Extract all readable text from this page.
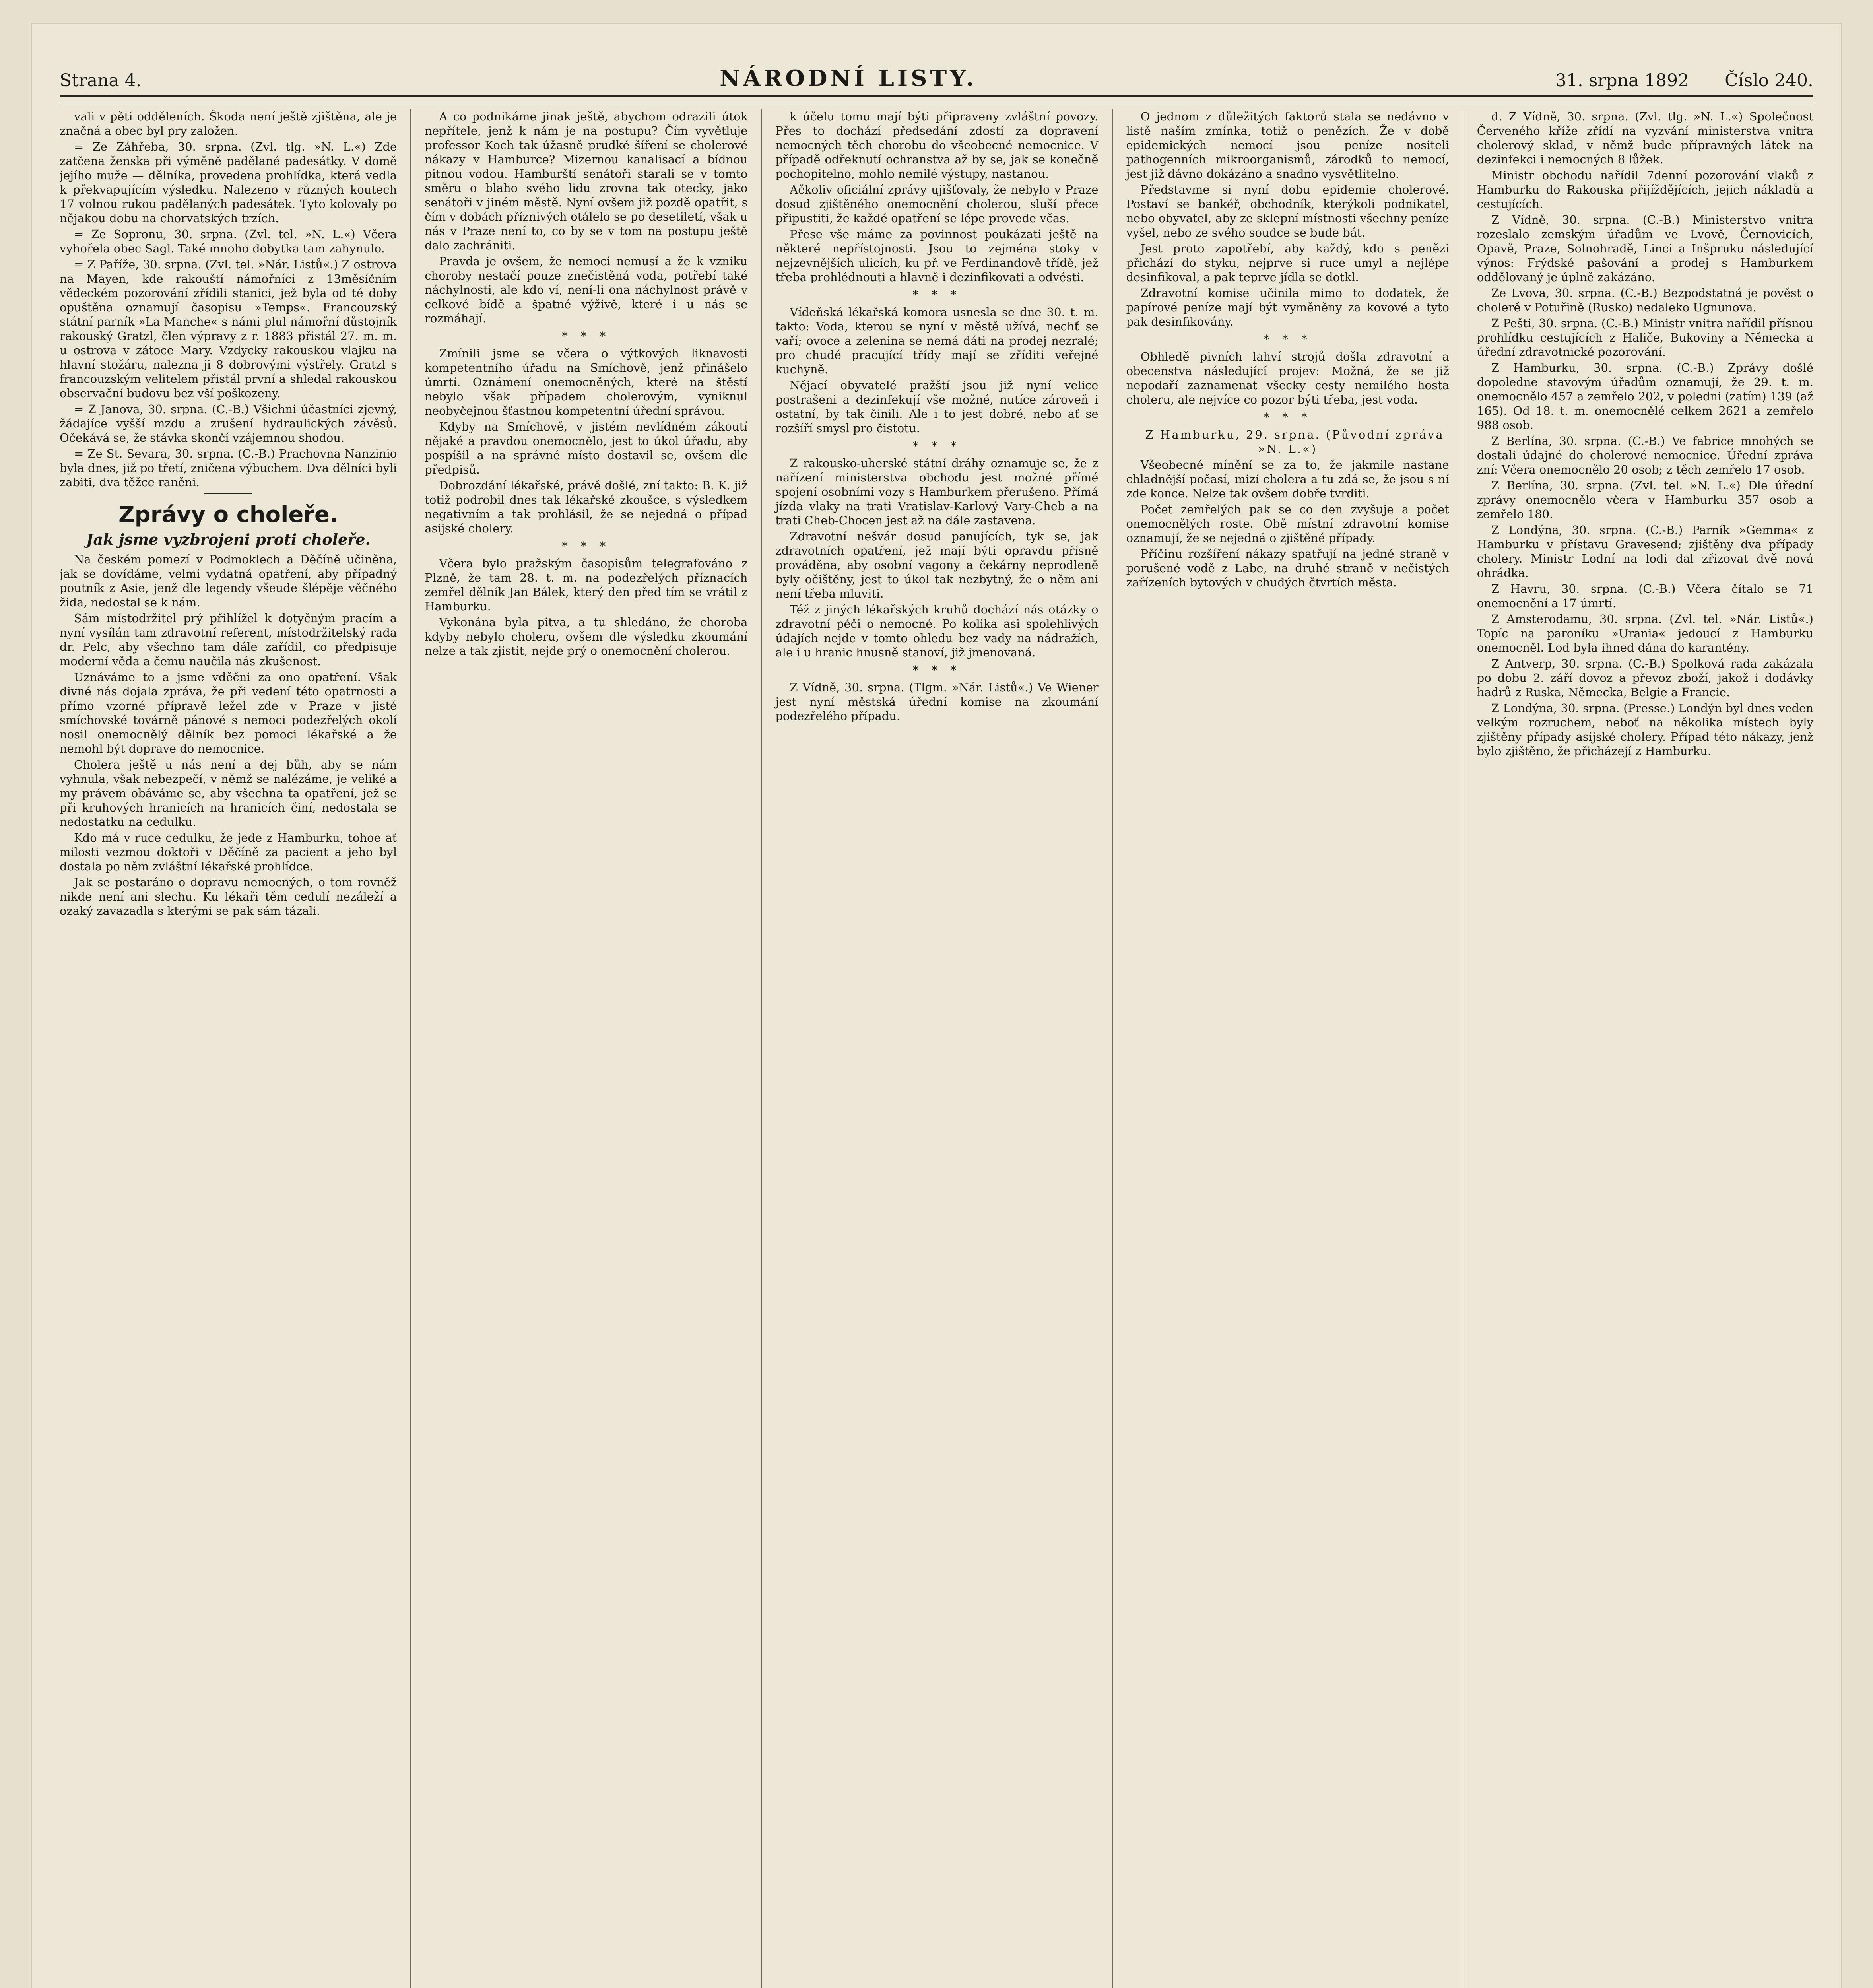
Strana 4.	NÁRODNÍ LISTY.	31. srpna 1892 Číslo 240.

vali v pěti odděleních. Škoda není ještě zjištěna, ale je značná a obec byl pry založen.

= Ze Záhřeba, 30. srpna. (Zvl. tlg. »N. L.«) Zde zatčena ženska při výměně padělané padesátky. V domě jejího muže — dělníka, provedena prohlídka, která vedla k překvapujícím výsledku. Nalezeno v různých koutech 17 volnou rukou padělaných padesátek. Tyto kolovaly po nějakou dobu na chorvatských trzích.

= Ze Sopronu, 30. srpna. (Zvl. tel. »N. L.«) Včera vyhořela obec Sagl. Také mnoho dobytka tam zahynulo.

= Z Paříže, 30. srpna. (Zvl. tel. »Nár. Listů«.) Z ostrova na Mayen, kde rakouští námořníci z 13měsíčním vědeckém pozorování zřídili stanici, jež byla od té doby opuštěna oznamují časopisu »Temps«. Francouzský státní parník »La Manche« s námi plul námořní důstojník rakouský Gratzl, člen výpravy z r. 1883 přistál 27. m. m. u ostrova v zátoce Mary. Vzdycky rakouskou vlajku na hlavní stožáru, nalezna ji 8 dobrovými výstřely. Gratzl s francouzským velitelem přistál první a shledal rakouskou observační budovu bez vší poškozeny.

= Z Janova, 30. srpna. (C.-B.) Všichni účastníci zjevný, žádajíce vyšší mzdu a zrušení hydraulických závěsů. Očekává se, že stávka skončí vzájemnou shodou.

= Ze St. Sevara, 30. srpna. (C.-B.) Prachovna Nanzinio byla dnes, již po třetí, zničena výbuchem. Dva dělníci byli zabiti, dva těžce raněni.

Zprávy o choleře.
Jak jsme vyzbrojeni proti choleře.

Na českém pomezí v Podmoklech a Děčíně učiněna, jak se dovídáme, velmi vydatná opatření, aby případný poutník z Asie, jenž dle legendy všeude šlépěje věčného žida, nedostal se k nám.

Sám místodržitel prý přihlížel k dotyčným pracím a nyní vysílán tam zdravotní referent, místodržitelský rada dr. Pelc, aby všechno tam dále zařídil, co předpisuje moderní věda a čemu naučila nás zkušenost.

Uznáváme to a jsme vděčni za ono opatření. Však divné nás dojala zpráva, že při vedení této opatrnosti a přímo vzorné přípravě ležel zde v Praze v jisté smíchovské továrně pánové s nemoci podezřelých okolí nosil onemocnělý dělník bez pomoci lékařské a že nemohl být doprave do nemocnice.

Cholera ještě u nás není a dej bůh, aby se nám vyhnula, však nebezpečí, v němž se nalézáme, je veliké a my právem obáváme se, aby všechna ta opatření, jež se při kruhových hranicích na hranicích činí, nedostala se nedostatku na cedulku.

Kdo má v ruce cedulku, že jede z Hamburku, tohoe ať milosti vezmou doktoři v Děčíně za pacient a jeho byl dostala po něm zvláštní lékařské prohlídce.

Jak se postaráno o dopravu nemocných, o tom rovněž nikde není ani slechu. Ku lékaři těm cedulí nezáleží a ozaký zavazadla s kterými se pak sám tázali.

A co podnikáme jinak ještě, abychom odrazili útok nepřítele, jenž k nám je na postupu? Čím vyvětluje professor Koch tak úžasně prudké šíření se cholerové nákazy v Hamburce? Mizernou kanalisací a bídnou pitnou vodou. Hamburští senátoři starali se v tomto směru o blaho svého lidu zrovna tak otecky, jako senátoři v jiném městě. Nyní ovšem již pozdě opatřit, s čím v dobách příznivých otálelo se po desetiletí, však u nás v Praze není to, co by se v tom na postupu ještě dalo zachrániti.

Pravda je ovšem, že nemoci nemusí a že k vzniku choroby nestačí pouze znečistěná voda, potřebí také náchylnosti, ale kdo ví, není-li ona náchylnost právě v celkové bídě a špatné výživě, které i u nás se rozmáhají.

* * *

Zmínili jsme se včera o výtkových liknavosti kompetentního úřadu na Smíchově, jenž přinášelo úmrtí. Oznámení onemocněných, které na štěstí nebylo však případem cholerovým, vyniknul neobyčejnou šťastnou kompetentní úřední správou.

Kdyby na Smíchově, v jistém nevlídném zákoutí nějaké a pravdou onemocnělo, jest to úkol úřadu, aby pospíšil a na správné místo dostavil se, ovšem dle předpisů.

Dobrozdání lékařské, právě došlé, zní takto: B. K. již totiž podrobil dnes tak lékařské zkoušce, s výsledkem negativním a tak prohlásil, že se nejedná o případ asijské cholery.

* * *

Včera bylo pražským časopisům telegrafováno z Plzně, že tam 28. t. m. na podezřelých příznacích zemřel dělník Jan Bálek, který den před tím se vrátil z Hamburku.

Vykonána byla pitva, a tu shledáno, že choroba kdyby nebylo choleru, ovšem dle výsledku zkoumání nelze a tak zjistit, nejde prý o onemocnění cholerou.

k účelu tomu mají býti připraveny zvláštní povozy. Přes to dochází předsedání zdostí za dopravení nemocných těch chorobu do všeobecné nemocnice. V případě odřeknutí ochranstva až by se, jak se konečně pochopitelno, mohlo nemilé výstupy, nastanou.

Ačkoliv oficiální zprávy ujišťovaly, že nebylo v Praze dosud zjištěného onemocnění cholerou, sluší přece připustiti, že každé opatření se lépe provede včas.

Přese vše máme za povinnost poukázati ještě na některé nepřístojnosti. Jsou to zejména stoky v nejzevnějších ulicích, ku př. ve Ferdinandově třídě, jež třeba prohlédnouti a hlavně i dezinfikovati a odvésti.

* * *

Vídeňská lékařská komora usnesla se dne 30. t. m. takto: Voda, kterou se nyní v městě užívá, nechť se vaří; ovoce a zelenina se nemá dáti na prodej nezralé; pro chudé pracující třídy mají se zříditi veřejné kuchyně.

Nějací obyvatelé pražští jsou již nyní velice postrašeni a dezinfekují vše možné, nutíce zároveň i ostatní, by tak činili. Ale i to jest dobré, nebo ať se rozšíří smysl pro čistotu.

* * *

Z rakousko-uherské státní dráhy oznamuje se, že z nařízení ministerstva obchodu jest možné přímé spojení osobními vozy s Hamburkem přerušeno. Přímá jízda vlaky na trati Vratislav-Karlový Vary-Cheb a na trati Cheb-Chocen jest až na dále zastavena.

Zdravotní nešvár dosud panujících, tyk se, jak zdravotních opatření, jež mají býti opravdu přísně prováděna, aby osobní vagony a čekárny neprodleně byly očištěny, jest to úkol tak nezbytný, že o něm ani není třeba mluviti.

Též z jiných lékařských kruhů dochází nás otázky o zdravotní péči o nemocné. Po kolika asi spolehlivých údajích nejde v tomto ohledu bez vady na nádražích, ale i u hranic hnusně stanoví, již jmenovaná.

* * *

Z Vídně, 30. srpna. (Tlgm. »Nár. Listů«.) Ve Wiener jest nyní městská úřední komise na zkoumání podezřelého případu.

O jednom z důležitých faktorů stala se nedávno v listě naším zmínka, totiž o penězích. Že v době epidemických nemocí jsou peníze nositeli pathogenních mikroorganismů, zárodků to nemocí, jest již dávno dokázáno a snadno vysvětlitelno.

Představme si nyní dobu epidemie cholerové. Postaví se bankéř, obchodník, kterýkoli podnikatel, nebo obyvatel, aby ze sklepní místnosti všechny peníze vyšel, nebo ze svého soudce se bude bát.

Jest proto zapotřebí, aby každý, kdo s penězi přichází do styku, nejprve si ruce umyl a nejlépe desinfikoval, a pak teprve jídla se dotkl.

Zdravotní komise učinila mimo to dodatek, že papírové peníze mají být vyměněny za kovové a tyto pak desinfikovány.

* * *

Obhledě pivních lahví strojů došla zdravotní a obecenstva následující projev: Možná, že se již nepodaří zaznamenat všecky cesty nemilého hosta choleru, ale nejvíce co pozor býti třeba, jest voda.

* * *

Z Hamburku, 29. srpna. (Původní zpráva »N. L.«)

Všeobecné mínění se za to, že jakmile nastane chladnější počasí, mizí cholera a tu zdá se, že jsou s ní zde konce. Nelze tak ovšem dobře tvrditi.

Počet zemřelých pak se co den zvyšuje a počet onemocnělých roste. Obě místní zdravotní komise oznamují, že se nejedná o zjištěné případy.

Příčinu rozšíření nákazy spatřují na jedné straně v porušené vodě z Labe, na druhé straně v nečistých zařízeních bytových v chudých čtvrtích města.

d. Z Vídně, 30. srpna. (Zvl. tlg. »N. L.«) Společnost Červeného kříže zřídí na vyzvání ministerstva vnitra cholerový sklad, v němž bude přípravných látek na dezinfekci i nemocných 8 lůžek.

Ministr obchodu nařídil 7denní pozorování vlaků z Hamburku do Rakouska přijíždějících, jejich nákladů a cestujících.

Z Vídně, 30. srpna. (C.-B.) Ministerstvo vnitra rozeslalo zemským úřadům ve Lvově, Černovicích, Opavě, Praze, Solnohradě, Linci a Inšpruku následující výnos: Frýdské pašování a prodej s Hamburkem oddělovaný je úplně zakázáno.

Ze Lvova, 30. srpna. (C.-B.) Bezpodstatná je pověst o cholerě v Potuřině (Rusko) nedaleko Ugnunova.

Z Pešti, 30. srpna. (C.-B.) Ministr vnitra nařídil přísnou prohlídku cestujících z Haliče, Bukoviny a Německa a úřední zdravotnické pozorování.

Z Hamburku, 30. srpna. (C.-B.) Zprávy došlé dopoledne stavovým úřadům oznamují, že 29. t. m. onemocnělo 457 a zemřelo 202, v poledni (zatím) 139 (až 165). Od 18. t. m. onemocnělé celkem 2621 a zemřelo 988 osob.

Z Berlína, 30. srpna. (C.-B.) Ve fabrice mnohých se dostali údajné do cholerové nemocnice. Úřední zpráva zní: Včera onemocnělo 20 osob; z těch zemřelo 17 osob.

Z Berlína, 30. srpna. (Zvl. tel. »N. L.«) Dle úřední zprávy onemocnělo včera v Hamburku 357 osob a zemřelo 180.

Z Londýna, 30. srpna. (C.-B.) Parník »Gemma« z Hamburku v přístavu Gravesend; zjištěny dva případy cholery. Ministr Lodní na lodi dal zřizovat dvě nová ohrádka.

Z Havru, 30. srpna. (C.-B.) Včera čítalo se 71 onemocnění a 17 úmrtí.

Z Amsterodamu, 30. srpna. (Zvl. tel. »Nár. Listů«.) Topíc na paroníku »Urania« jedoucí z Hamburku onemocněl. Lod byla ihned dána do karantény.

Z Antverp, 30. srpna. (C.-B.) Spolková rada zakázala po dobu 2. září dovoz a převoz zboží, jakož i dodávky hadrů z Ruska, Německa, Belgie a Francie.

Z Londýna, 30. srpna. (Presse.) Londýn byl dnes veden velkým rozruchem, neboť na několika místech byly zjištěny případy asijské cholery. Případ této nákazy, jenž bylo zjištěno, že přicházejí z Hamburku.
